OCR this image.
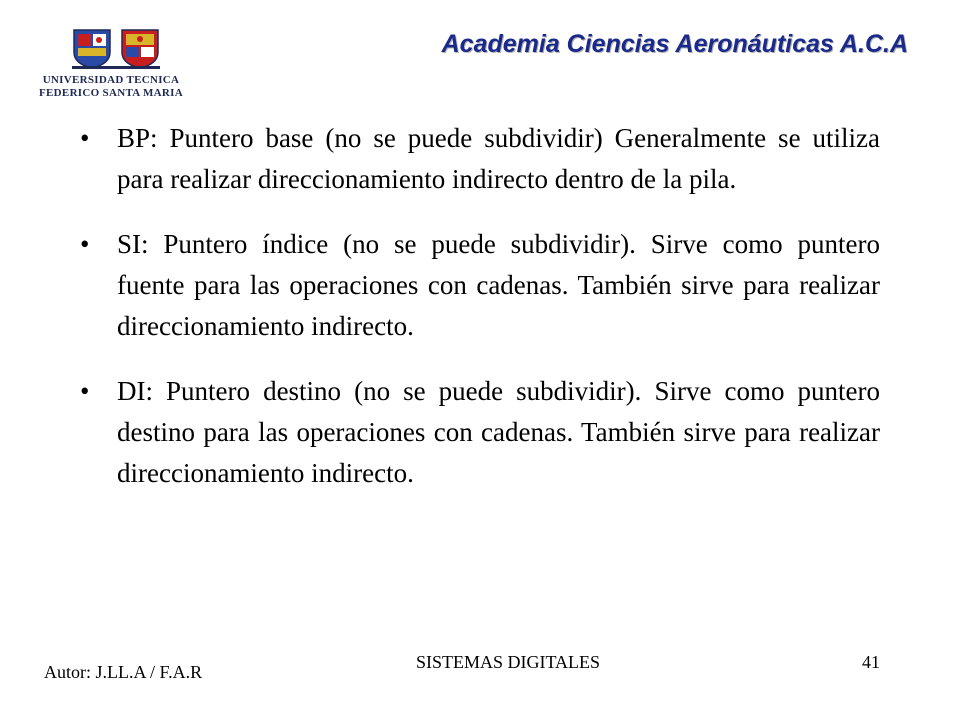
UNIVERSIDAD TECNICA
FEDERICO SANTA MARIA
Academia Ciencias Aeronáuticas A.C.A
• BP: Puntero base (no se puede subdividir) Generalmente se utiliza para realizar direccionamiento indirecto dentro de la pila.
• SI: Puntero índice (no se puede subdividir). Sirve como puntero fuente para las operaciones con cadenas. También sirve para realizar direccionamiento indirecto.
• DI: Puntero destino (no se puede subdividir). Sirve como puntero destino para las operaciones con cadenas. También sirve para realizar direccionamiento indirecto.
Autor: J.LL.A / F.A.R	SISTEMAS DIGITALES	41
